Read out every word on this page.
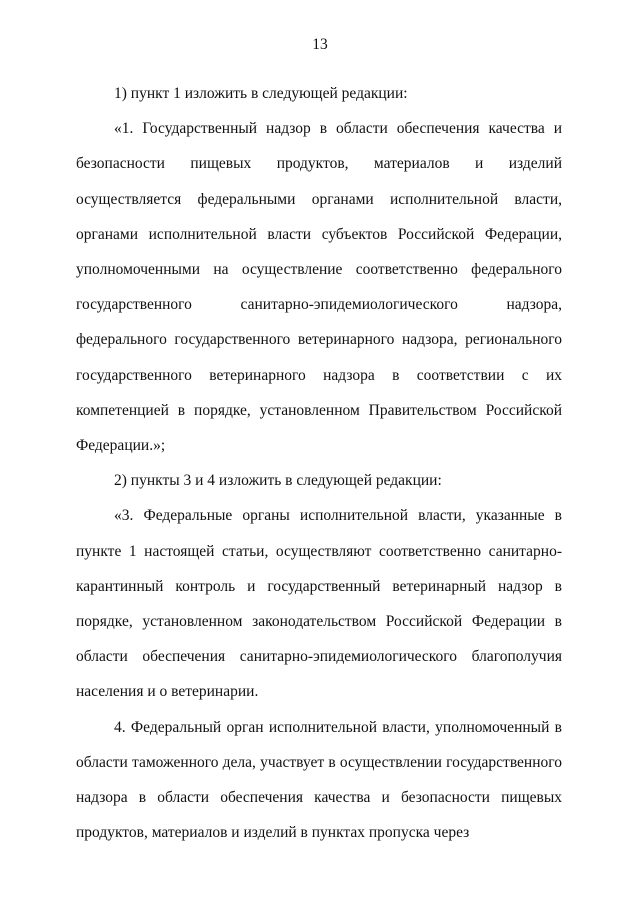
13

1) пункт 1 изложить в следующей редакции:

«1. Государственный надзор в области обеспечения качества и безопасности пищевых продуктов, материалов и изделий осуществляется федеральными органами исполнительной власти, органами исполнительной власти субъектов Российской Федерации, уполномоченными на осуществление соответственно федерального государственного санитарно-эпидемиологического надзора, федерального государственного ветеринарного надзора, регионального государственного ветеринарного надзора в соответствии с их компетенцией в порядке, установленном Правительством Российской Федерации.»;

2) пункты 3 и 4 изложить в следующей редакции:

«3. Федеральные органы исполнительной власти, указанные в пункте 1 настоящей статьи, осуществляют соответственно санитарно-карантинный контроль и государственный ветеринарный надзор в порядке, установленном законодательством Российской Федерации в области обеспечения санитарно-эпидемиологического благополучия населения и о ветеринарии.

4. Федеральный орган исполнительной власти, уполномоченный в области таможенного дела, участвует в осуществлении государственного надзора в области обеспечения качества и безопасности пищевых продуктов, материалов и изделий в пунктах пропуска через
